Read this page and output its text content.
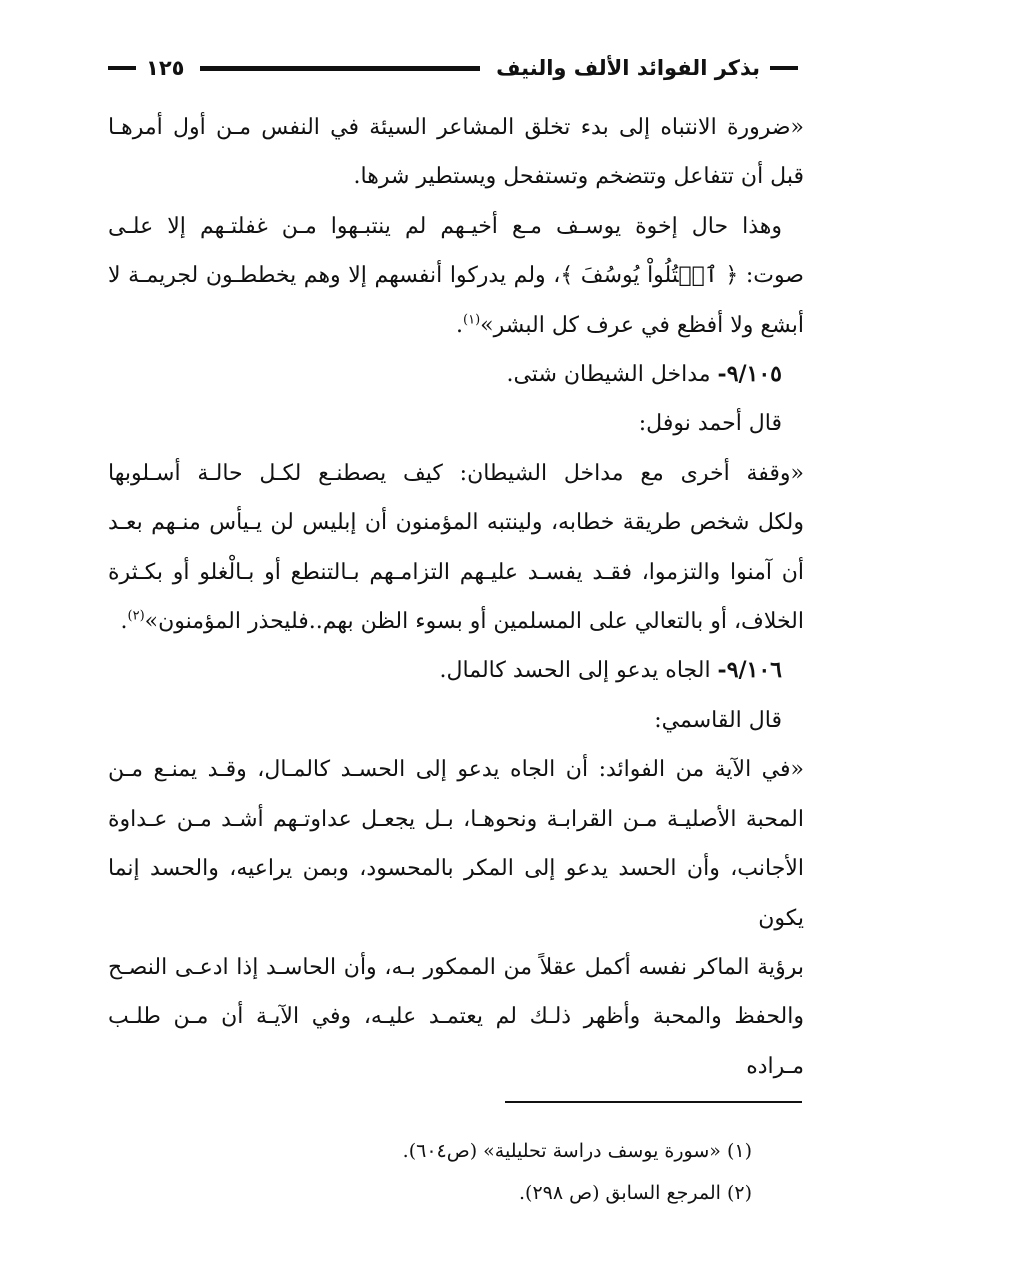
بذكر الفوائد الألف والنيف
١٢٥

«ضرورة الانتباه إلى بدء تخلق المشاعر السيئة في النفس مـن أول أمرهـا

قبل أن تتفاعل وتتضخم وتستفحل ويستطير شرها.

وهذا حال إخوة يوسـف مـع أخيـهم لم ينتبـهوا مـن غفلتـهم إلا علـى

صوت: ﴿ ٱقۡتُلُواْ يُوسُفَ ﴾، ولم يدركوا أنفسهم إلا وهم يخططـون لجريمـة لا

أبشع ولا أفظع في عرف كل البشر»$^{(١)}$.

٩/١٠٥- مداخل الشيطان شتى.

قال أحمد نوفل:

«وقفة أخرى مع مداخل الشيطان: كيف يصطنـع لكـل حالـة أسـلوبها

ولكل شخص طريقة خطابه، ولينتبه المؤمنون أن إبليس لن يـيأس منـهم بعـد

أن آمنوا والتزموا، فقـد يفسـد عليـهم التزامـهم بـالتنطع أو بـالْغلو أو بكـثرة

الخلاف، أو بالتعالي على المسلمين أو بسوء الظن بهم..فليحذر المؤمنون»$^{(٢)}$.

٩/١٠٦- الجاه يدعو إلى الحسد كالمال.

قال القاسمي:

«في الآية من الفوائد: أن الجاه يدعو إلى الحسـد كالمـال، وقـد يمنـع مـن

المحبة الأصليـة مـن القرابـة ونحوهـا، بـل يجعـل عداوتـهم أشـد مـن عـداوة

الأجانب، وأن الحسد يدعو إلى المكر بالمحسود، وبمن يراعيه، والحسد إنما يكون

برؤية الماكر نفسه أكمل عقلاً من الممكور بـه، وأن الحاسـد إذا ادعـى النصـح

والحفظ والمحبة وأظهر ذلـك لم يعتمـد عليـه، وفي الآيـة أن مـن طلـب مـراده

(١) «سورة يوسف دراسة تحليلية» (ص٦٠٤).

(٢) المرجع السابق (ص ٢٩٨).
